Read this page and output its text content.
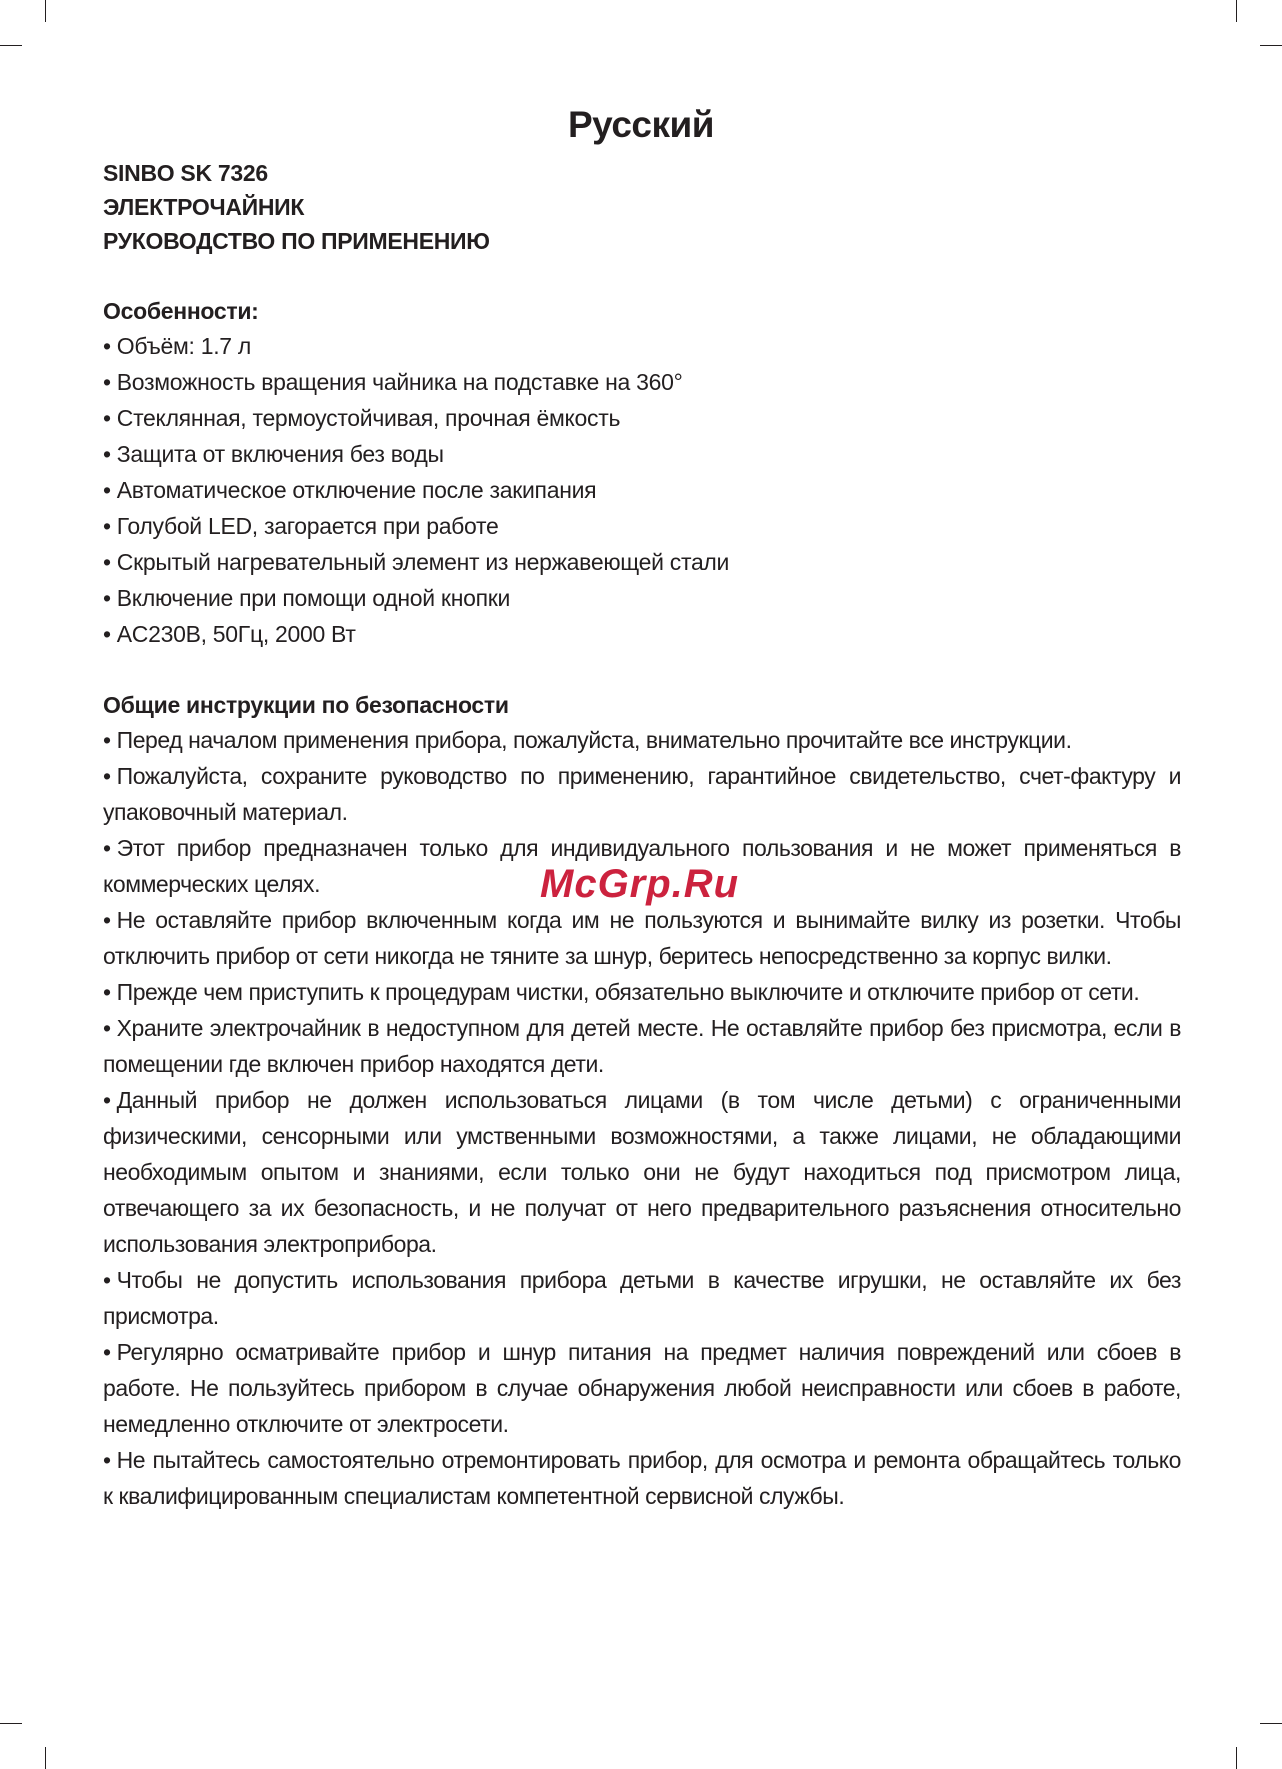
Русский
SINBO SK 7326
ЭЛЕКТРОЧАЙНИК
РУКОВОДСТВО ПО ПРИМЕНЕНИЮ
Особенности:
• Объём: 1.7 л
• Возможность вращения чайника на подставке на 360°
• Стеклянная, термоустойчивая, прочная ёмкость
• Защита от включения без воды
• Автоматическое отключение после закипания
• Голубой LED, загорается при работе
• Скрытый нагревательный элемент из нержавеющей стали
• Включение при помощи одной кнопки
• AC230В, 50Гц, 2000 Вт
Общие инструкции по безопасности
• Перед началом применения прибора, пожалуйста, внимательно прочитайте все инструкции.
• Пожалуйста, сохраните руководство по применению, гарантийное свидетельство, счет-фактуру и упаковочный материал.
• Этот прибор предназначен только для индивидуального пользования и не может применяться в коммерческих целях.
• Не оставляйте прибор включенным когда им не пользуются и вынимайте вилку из розетки. Чтобы отключить прибор от сети никогда не тяните за шнур, беритесь непосредственно за корпус вилки.
• Прежде чем приступить к процедурам чистки, обязательно выключите и отключите прибор от сети.
• Храните электрочайник в недоступном для детей месте. Не оставляйте прибор без присмотра, если в помещении где включен прибор находятся дети.
• Данный прибор не должен использоваться лицами (в том числе детьми) с ограниченными физическими, сенсорными или умственными возможностями, а также лицами, не обладающими необходимым опытом и знаниями, если только они не будут находиться под присмотром лица, отвечающего за их безопасность, и не получат от него предварительного разъяснения относительно использования электроприбора.
• Чтобы не допустить использования прибора детьми в качестве игрушки, не оставляйте их без присмотра.
• Регулярно осматривайте прибор и шнур питания на предмет наличия повреждений или сбоев в работе. Не пользуйтесь прибором в случае обнаружения любой неисправности или сбоев в работе, немедленно отключите от электросети.
• Не пытайтесь самостоятельно отремонтировать прибор, для осмотра и ремонта обращайтесь только к квалифицированным специалистам компетентной сервисной службы.
McGrp.Ru
